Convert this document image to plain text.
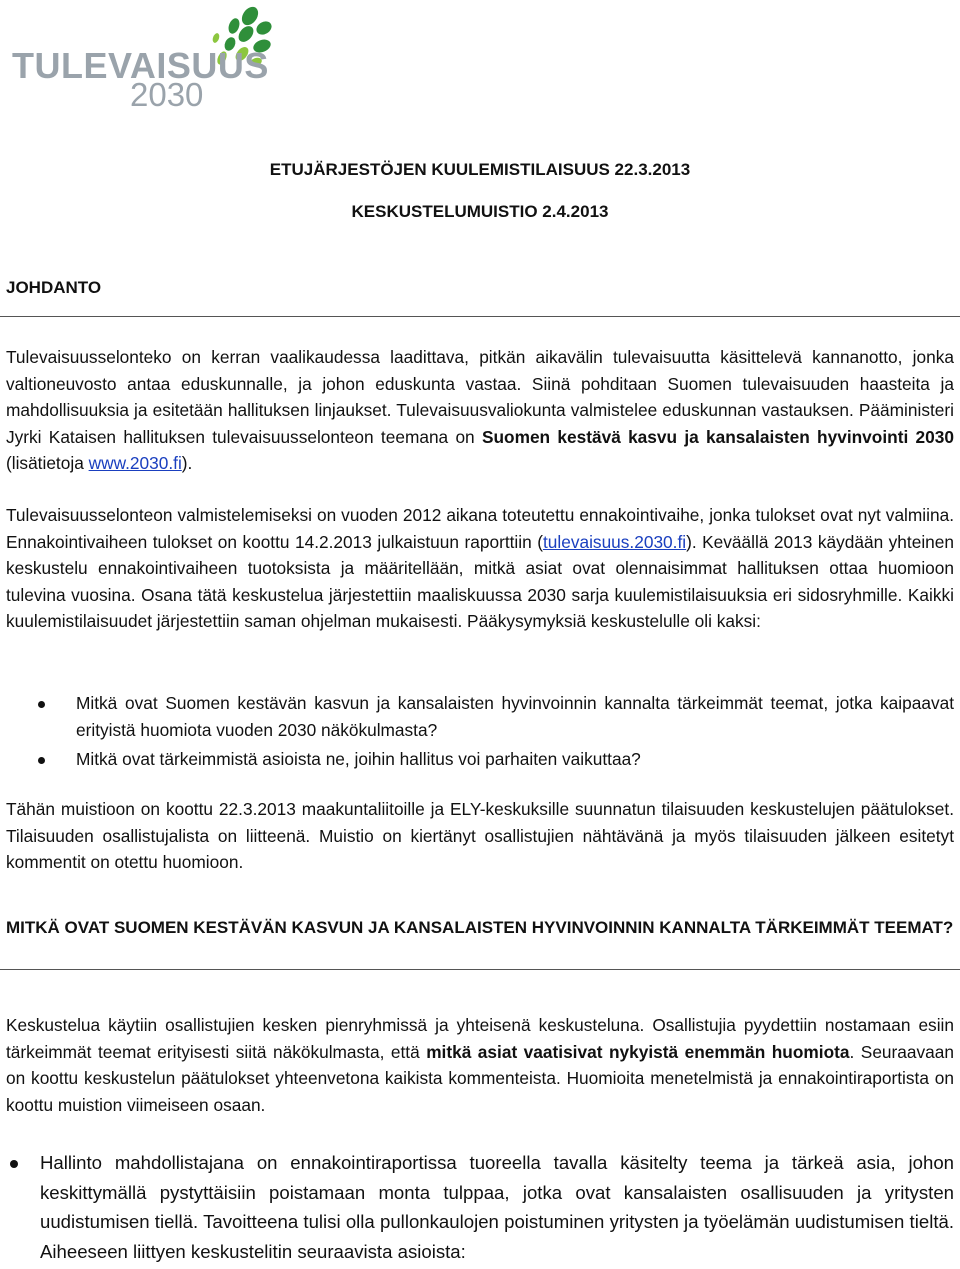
TULEVAISUUS
2030
ETUJÄRJESTÖJEN KUULEMISTILAISUUS 22.3.2013
KESKUSTELUMUISTIO 2.4.2013
JOHDANTO
Tulevaisuusselonteko on kerran vaalikaudessa laadittava, pitkän aikavälin tulevaisuutta käsittelevä kannanotto, jonka valtioneuvosto antaa eduskunnalle, ja johon eduskunta vastaa. Siinä pohditaan Suomen tulevaisuuden haasteita ja mahdollisuuksia ja esitetään hallituksen linjaukset. Tulevaisuusvaliokunta valmistelee eduskunnan vastauksen. Pääministeri Jyrki Kataisen hallituksen tulevaisuusselonteon teemana on Suomen kestävä kasvu ja kansalaisten hyvinvointi 2030 (lisätietoja www.2030.fi).
Tulevaisuusselonteon valmistelemiseksi on vuoden 2012 aikana toteutettu ennakointivaihe, jonka tulokset ovat nyt valmiina. Ennakointivaiheen tulokset on koottu 14.2.2013 julkaistuun raporttiin (tulevaisuus.2030.fi). Keväällä 2013 käydään yhteinen keskustelu ennakointivaiheen tuotoksista ja määritellään, mitkä asiat ovat olennaisimmat hallituksen ottaa huomioon tulevina vuosina. Osana tätä keskustelua järjestettiin maaliskuussa 2030 sarja kuulemistilaisuuksia eri sidosryhmille. Kaikki kuulemistilaisuudet järjestettiin saman ohjelman mukaisesti. Pääkysymyksiä keskustelulle oli kaksi:
Mitkä ovat Suomen kestävän kasvun ja kansalaisten hyvinvoinnin kannalta tärkeimmät teemat, jotka kaipaavat erityistä huomiota vuoden 2030 näkökulmasta?
Mitkä ovat tärkeimmistä asioista ne, joihin hallitus voi parhaiten vaikuttaa?
Tähän muistioon on koottu 22.3.2013 maakuntaliitoille ja ELY-keskuksille suunnatun tilaisuuden keskustelujen päätulokset. Tilaisuuden osallistujalista on liitteenä. Muistio on kiertänyt osallistujien nähtävänä ja myös tilaisuuden jälkeen esitetyt kommentit on otettu huomioon.
MITKÄ OVAT SUOMEN KESTÄVÄN KASVUN JA KANSALAISTEN HYVINVOINNIN KANNALTA TÄRKEIMMÄT TEEMAT?
Keskustelua käytiin osallistujien kesken pienryhmissä ja yhteisenä keskusteluna. Osallistujia pyydettiin nostamaan esiin tärkeimmät teemat erityisesti siitä näkökulmasta, että mitkä asiat vaatisivat nykyistä enemmän huomiota. Seuraavaan on koottu keskustelun päätulokset yhteenvetona kaikista kommenteista. Huomioita menetelmistä ja ennakointiraportista on koottu muistion viimeiseen osaan.
Hallinto mahdollistajana on ennakointiraportissa tuoreella tavalla käsitelty teema ja tärkeä asia, johon keskittymällä pystyttäisiin poistamaan monta tulppaa, jotka ovat kansalaisten osallisuuden ja yritysten uudistumisen tiellä. Tavoitteena tulisi olla pullonkaulojen poistuminen yritysten ja työelämän uudistumisen tieltä. Aiheeseen liittyen keskustelitin seuraavista asioista:
